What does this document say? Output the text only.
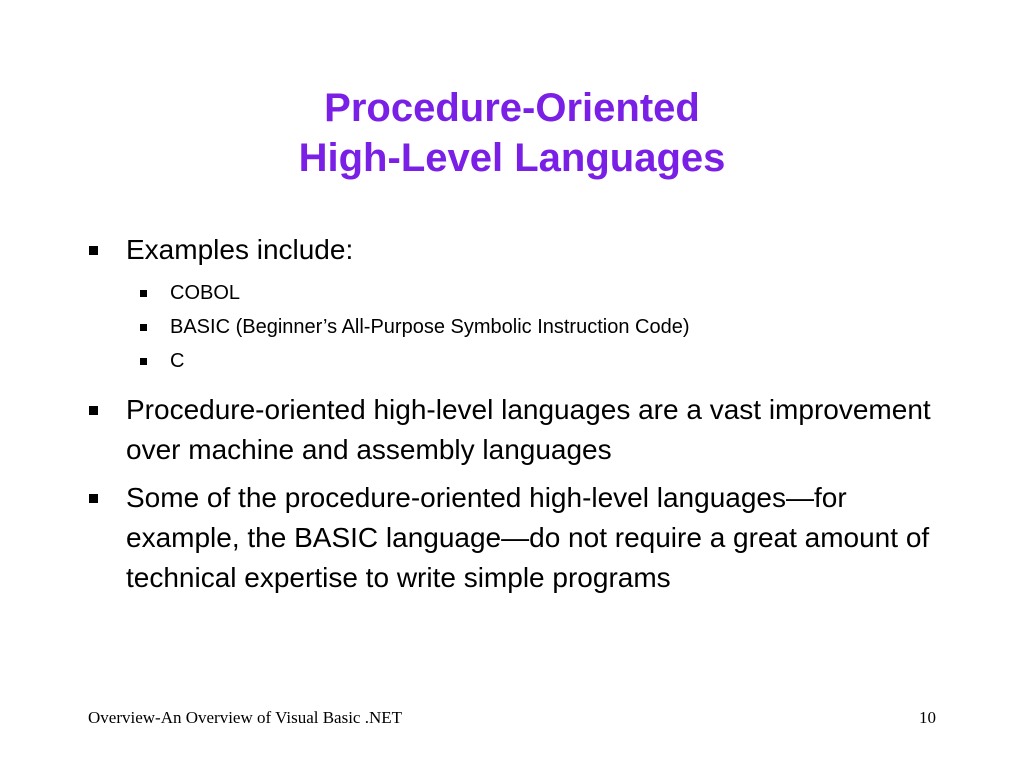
Procedure-Oriented
High-Level Languages
Examples include:
COBOL
BASIC (Beginner’s All-Purpose Symbolic Instruction Code)
C
Procedure-oriented high-level languages are a vast improvement over machine and assembly languages
Some of the procedure-oriented high-level languages—for example, the BASIC language—do not require a great amount of technical expertise to write simple programs
Overview-An Overview of Visual Basic .NET	10
